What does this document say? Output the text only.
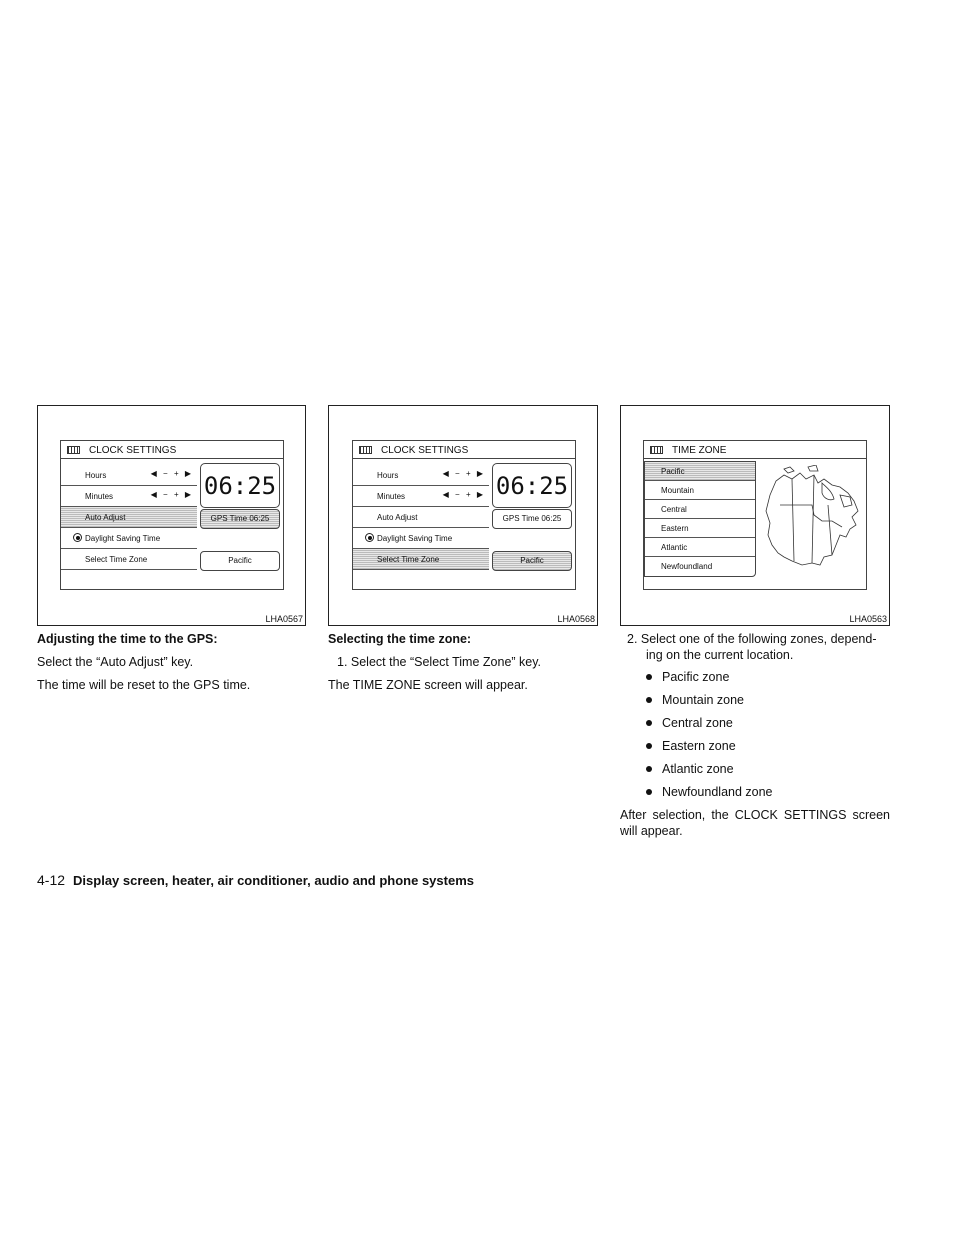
CLOCK SETTINGS
Hours	◀ − + ▶
Minutes	◀ − + ▶
Auto Adjust
Daylight Saving Time
Select Time Zone
06:25
GPS Time 06:25
Pacific
LHA0567
CLOCK SETTINGS
Hours	◀ − + ▶
Minutes	◀ − + ▶
Auto Adjust
Daylight Saving Time
Select Time Zone
06:25
GPS Time 06:25
Pacific
LHA0568
TIME ZONE
Pacific
Mountain
Central
Eastern
Atlantic
Newfoundland
LHA0563

Adjusting the time to the GPS:

Select the “Auto Adjust” key.

The time will be reset to the GPS time.

Selecting the time zone:

1. Select the “Select Time Zone” key.

The TIME ZONE screen will appear.

2. Select one of the following zones, depend-

ing on the current location.

Pacific zone

Mountain zone

Central zone

Eastern zone

Atlantic zone

Newfoundland zone

After selection, the CLOCK SETTINGS screen will appear.

4-12 Display screen, heater, air conditioner, audio and phone systems
